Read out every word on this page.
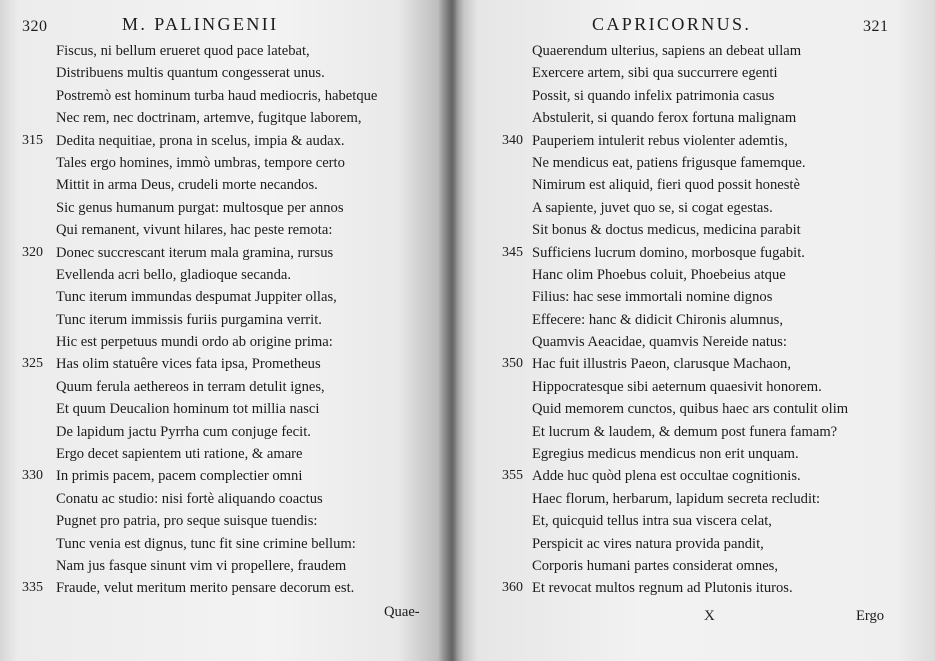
320	M. PALINGENII
Fiscus, ni bellum erueret quod pace latebat,
Distribuens multis quantum congesserat unus.
Postremò est hominum turba haud mediocris, habetque
Nec rem, nec doctrinam, artemve, fugitque laborem,
315 Dedita nequitiae, prona in scelus, impia & audax.
Tales ergo homines, immò umbras, tempore certo
Mittit in arma Deus, crudeli morte necandos.
Sic genus humanum purgat: multosque per annos
Qui remanent, vivunt hilares, hac peste remota:
320 Donec succrescant iterum mala gramina, rursus
Evellenda acri bello, gladioque secanda.
Tunc iterum immundas despumat Juppiter ollas,
Tunc iterum immissis furiis purgamina verrit.
Hic est perpetuus mundi ordo ab origine prima:
325 Has olim statuêre vices fata ipsa, Prometheus
Quum ferula aethereos in terram detulit ignes,
Et quum Deucalion hominum tot millia nasci
De lapidum jactu Pyrrha cum conjuge fecit.
Ergo decet sapientem uti ratione, & amare
330 In primis pacem, pacem complectier omni
Conatu ac studio: nisi fortè aliquando coactus
Pugnet pro patria, pro seque suisque tuendis:
Tunc venia est dignus, tunc fit sine crimine bellum:
Nam jus fasque sinunt vim vi propellere, fraudem
335 Fraude, velut meritum merito pensare decorum est.
Quae-
CAPRICORNUS.	321
Quaerendum ulterius, sapiens an debeat ullam
Exercere artem, sibi qua succurrere egenti
Possit, si quando infelix patrimonia casus
Abstulerit, si quando ferox fortuna malignam
340 Pauperiem intulerit rebus violenter ademtis,
Ne mendicus eat, patiens frigusque famemque.
Nimirum est aliquid, fieri quod possit honestè
A sapiente, juvet quo se, si cogat egestas.
Sit bonus & doctus medicus, medicina parabit
345 Sufficiens lucrum domino, morbosque fugabit.
Hanc olim Phoebus coluit, Phoebeius atque
Filius: hac sese immortali nomine dignos
Effecere: hanc & didicit Chironis alumnus,
Quamvis Aeacidae, quamvis Nereide natus:
350 Hac fuit illustris Paeon, clarusque Machaon,
Hippocratesque sibi aeternum quaesivit honorem.
Quid memorem cunctos, quibus haec ars contulit olim
Et lucrum & laudem, & demum post funera famam?
Egregius medicus mendicus non erit unquam.
355 Adde huc quòd plena est occultae cognitionis.
Haec florum, herbarum, lapidum secreta recludit:
Et, quicquid tellus intra sua viscera celat,
Perspicit ac vires natura provida pandit,
Corporis humani partes considerat omnes,
360 Et revocat multos regnum ad Plutonis ituros.
X	Ergo
